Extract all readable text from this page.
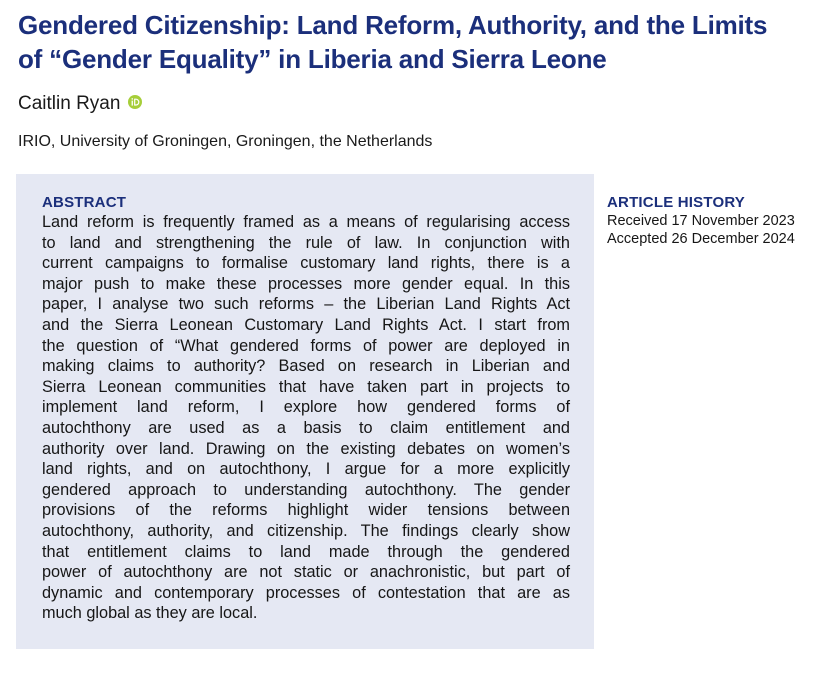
Gendered Citizenship: Land Reform, Authority, and the Limits
of “Gender Equality” in Liberia and Sierra Leone
Caitlin Ryan
IRIO, University of Groningen, Groningen, the Netherlands
ABSTRACT

Land reform is frequently framed as a means of regularising access
to land and strengthening the rule of law. In conjunction with
current campaigns to formalise customary land rights, there is a
major push to make these processes more gender equal. In this
paper, I analyse two such reforms – the Liberian Land Rights Act
and the Sierra Leonean Customary Land Rights Act. I start from
the question of “What gendered forms of power are deployed in
making claims to authority? Based on research in Liberian and
Sierra Leonean communities that have taken part in projects to
implement land reform, I explore how gendered forms of
autochthony are used as a basis to claim entitlement and
authority over land. Drawing on the existing debates on women’s
land rights, and on autochthony, I argue for a more explicitly
gendered approach to understanding autochthony. The gender
provisions of the reforms highlight wider tensions between
autochthony, authority, and citizenship. The findings clearly show
that entitlement claims to land made through the gendered
power of autochthony are not static or anachronistic, but part of
dynamic and contemporary processes of contestation that are as
much global as they are local.

ARTICLE HISTORY
Received 17 November 2023
Accepted 26 December 2024
